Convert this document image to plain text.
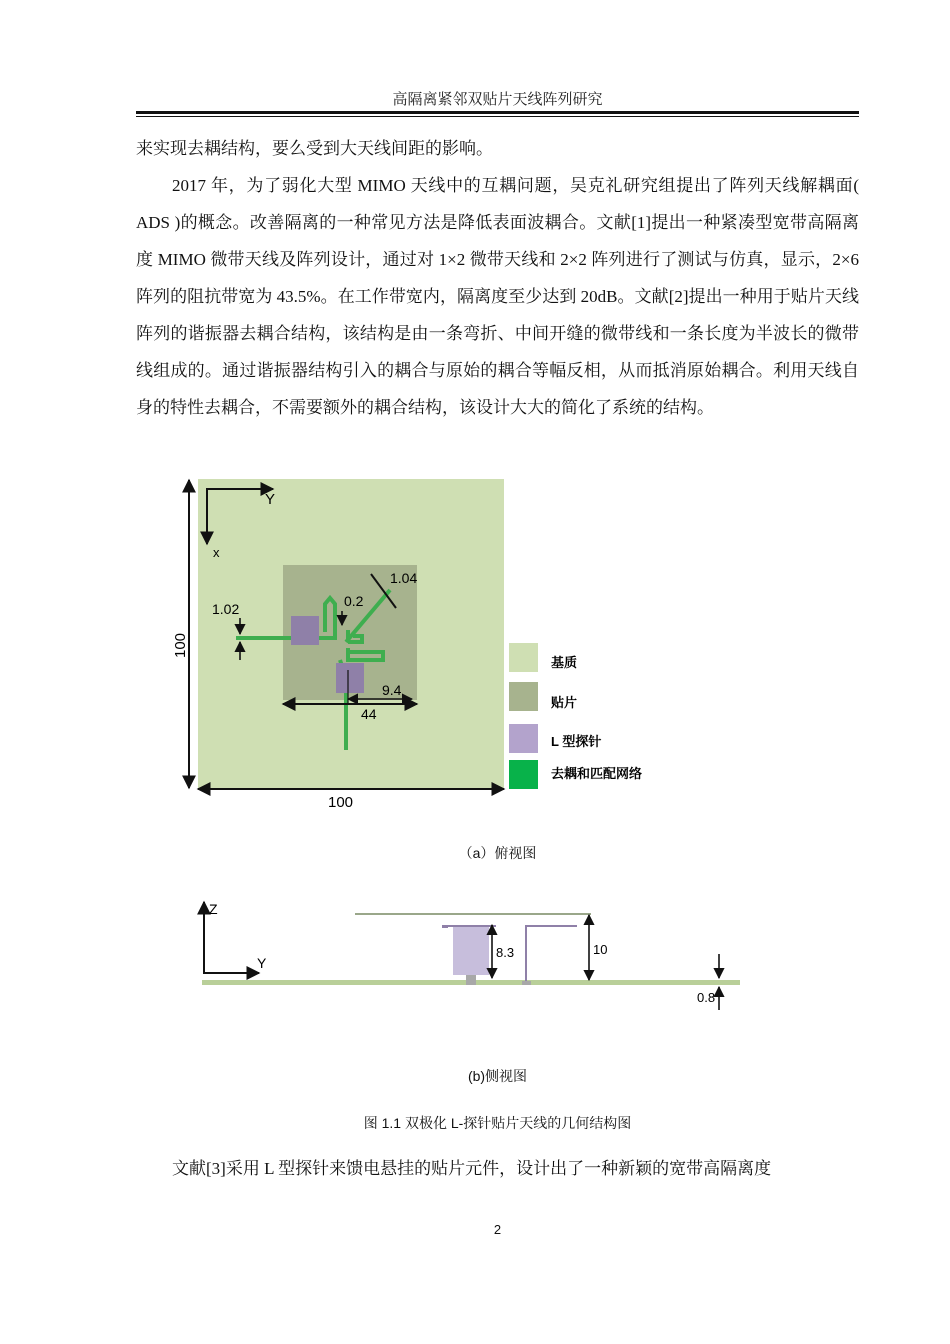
高隔离紧邻双贴片天线阵列研究
来实现去耦结构，要么受到大天线间距的影响。
2017 年，为了弱化大型 MIMO 天线中的互耦问题，吴克礼研究组提出了阵列天线解耦面( ADS )的概念。改善隔离的一种常见方法是降低表面波耦合。文献[1]提出一种紧凑型宽带高隔离度 MIMO 微带天线及阵列设计，通过对 1×2 微带天线和 2×2 阵列进行了测试与仿真，显示，2×6 阵列的阻抗带宽为 43.5%。在工作带宽内，隔离度至少达到 20dB。文献[2]提出一种用于贴片天线阵列的谐振器去耦合结构，该结构是由一条弯折、中间开缝的微带线和一条长度为半波长的微带线组成的。通过谐振器结构引入的耦合与原始的耦合等幅反相，从而抵消原始耦合。利用天线自身的特性去耦合，不需要额外的耦合结构，该设计大大的简化了系统的结构。
Y
x
100
100
44
9.4
1.04
0.2
1.02
基质
贴片
L 型探针
去耦和匹配网络
（a）俯视图
Z
Y
8.3	10
0.8
(b)侧视图
图 1.1 双极化 L-探针贴片天线的几何结构图
文献[3]采用 L 型探针来馈电悬挂的贴片元件，设计出了一种新颖的宽带高隔离度
2
